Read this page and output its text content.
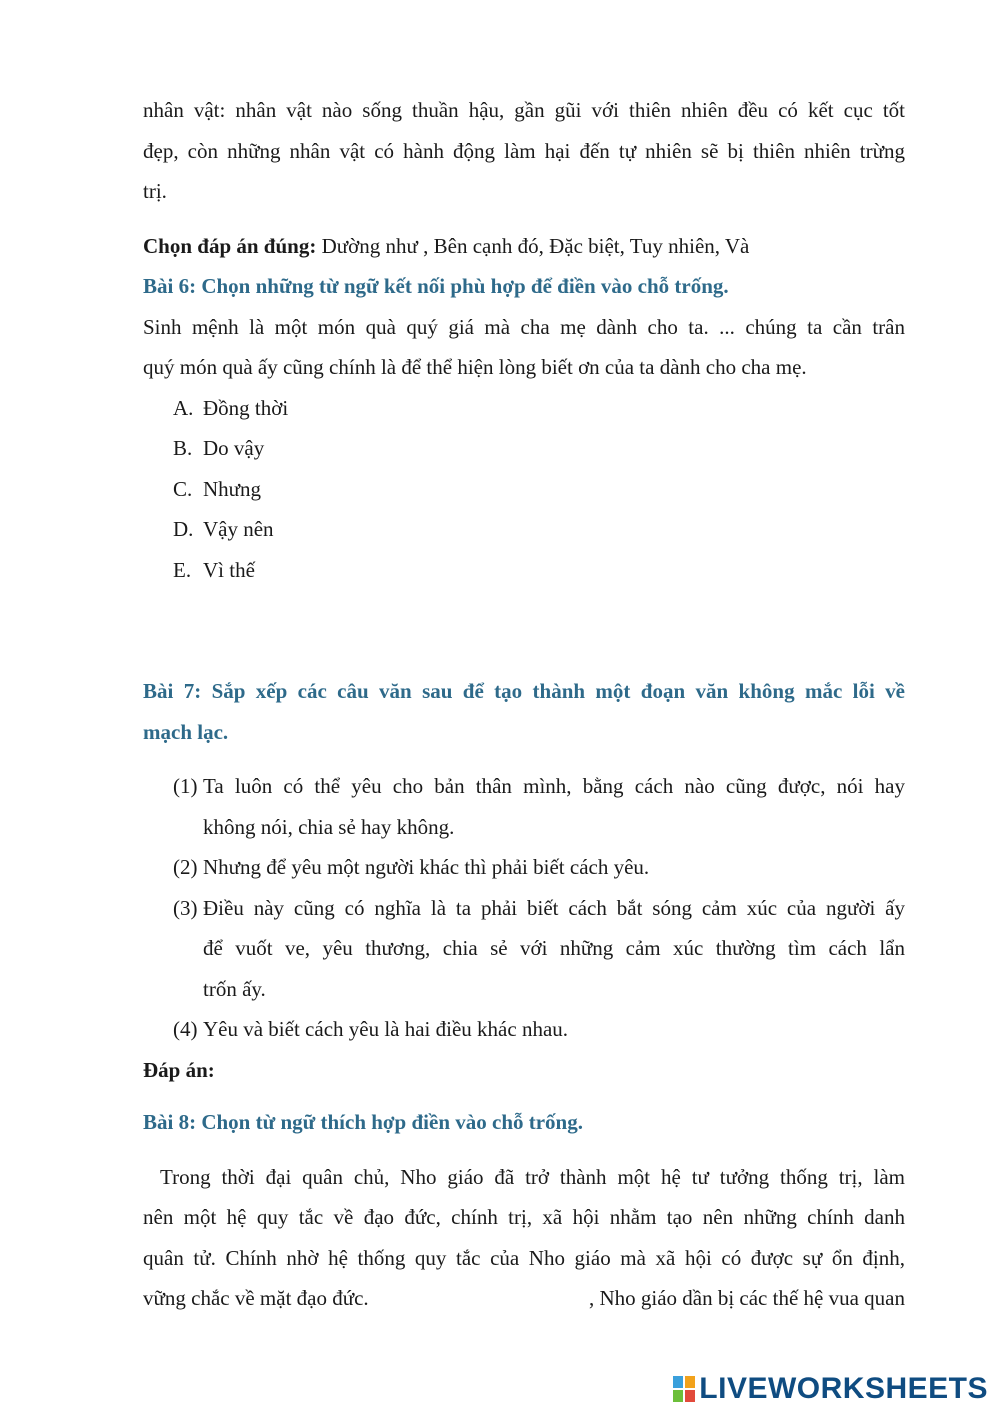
nhân vật: nhân vật nào sống thuần hậu, gần gũi với thiên nhiên đều có kết cục tốt

đẹp, còn những nhân vật có hành động làm hại đến tự nhiên sẽ bị thiên nhiên trừng

trị.

Chọn đáp án đúng: Dường như , Bên cạnh đó, Đặc biệt, Tuy nhiên, Và

Bài 6: Chọn những từ ngữ kết nối phù hợp để điền vào chỗ trống.

Sinh mệnh là một món quà quý giá mà cha mẹ dành cho ta. ... chúng ta cần trân

quý món quà ấy cũng chính là để thể hiện lòng biết ơn của ta dành cho cha mẹ.

A. Đồng thời

B. Do vậy

C. Nhưng

D. Vậy nên

E. Vì thế

Bài 7: Sắp xếp các câu văn sau để tạo thành một đoạn văn không mắc lỗi về

mạch lạc.

(1) Ta luôn có thể yêu cho bản thân mình, bằng cách nào cũng được, nói hay

không nói, chia sẻ hay không.

(2) Nhưng để yêu một người khác thì phải biết cách yêu.

(3) Điều này cũng có nghĩa là ta phải biết cách bắt sóng cảm xúc của người ấy

để vuốt ve, yêu thương, chia sẻ với những cảm xúc thường tìm cách lẩn

trốn ấy.

(4) Yêu và biết cách yêu là hai điều khác nhau.

Đáp án:

Bài 8: Chọn từ ngữ thích hợp điền vào chỗ trống.

Trong thời đại quân chủ, Nho giáo đã trở thành một hệ tư tưởng thống trị, làm

nên một hệ quy tắc về đạo đức, chính trị, xã hội nhằm tạo nên những chính danh

quân tử. Chính nhờ hệ thống quy tắc của Nho giáo mà xã hội có được sự ổn định,

vững chắc về mặt đạo đức.	, Nho giáo dần bị các thế hệ vua quan

LIVEWORKSHEETS
